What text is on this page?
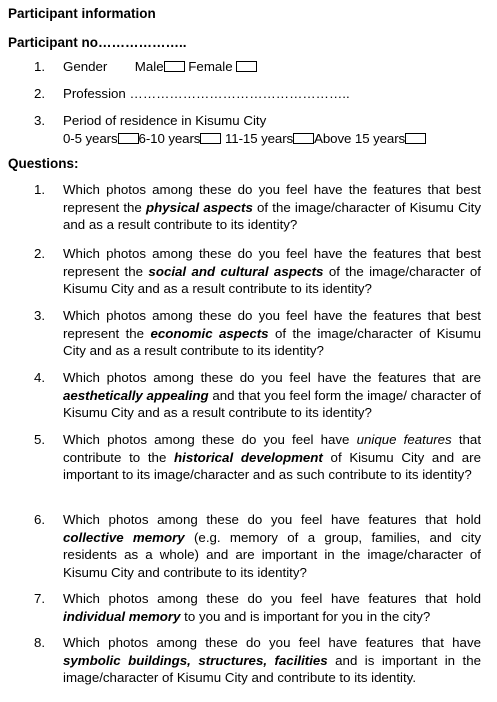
Participant information
Participant no………………..
1.	Gender Male Female
2.	Profession …………………………………………..
3.	Period of residence in Kisumu City
0-5 years 6-10 years 11-15 years Above 15 years
Questions:
1.	Which photos among these do you feel have the features that best represent the physical aspects of the image/character of Kisumu City and as a result contribute to its identity?
2.	Which photos among these do you feel have the features that best represent the social and cultural aspects of the image/character of Kisumu City and as a result contribute to its identity?
3.	Which photos among these do you feel have the features that best represent the economic aspects of the image/character of Kisumu City and as a result contribute to its identity?
4.	Which photos among these do you feel have the features that are aesthetically appealing and that you feel form the image/ character of Kisumu City and as a result contribute to its identity?
5.	Which photos among these do you feel have unique features that contribute to the historical development of Kisumu City and are important to its image/character and as such contribute to its identity?
6.	Which photos among these do you feel have features that hold collective memory (e.g. memory of a group, families, and city residents as a whole) and are important in the image/character of Kisumu City and contribute to its identity?
7.	Which photos among these do you feel have features that hold individual memory to you and is important for you in the city?
8.	Which photos among these do you feel have features that have symbolic buildings, structures, facilities and is important in the image/character of Kisumu City and contribute to its identity.
